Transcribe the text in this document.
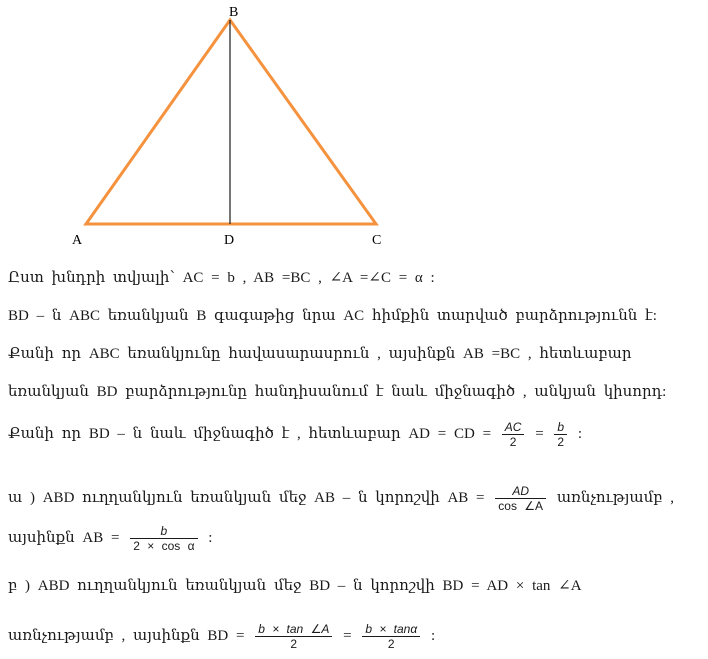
B
A	D	C
Ըստ խնդրի տվյալի՝ AC = b , AB =BC , ∠A =∠C = α :
BD – ն ABC եռանկյան B գագաթից նրա AC հիմքին տարված բարձրությունն է:
Քանի որ ABC եռանկյունը հավասարասրուն , այսինքն AB =BC , հետևաբար
եռանկյան BD բարձրությունը հանդիսանում է նաև միջնագիծ , անկյան կիսորդ:
Քանի որ BD – ն նաև միջնագիծ է , հետևաբար AD = CD = $\frac{AC}{2} = \frac{b}{2}$ :
ա ) ABD ուղղանկյուն եռանկյան մեջ AB – ն կորոշվի AB = $\frac{AD}{\cos \angle A}$ առնչությամբ ,
այսինքն AB = $\frac{b}{\text{2 × cos α}}$ :
բ ) ABD ուղղանկյուն եռանկյան մեջ BD – ն կորոշվի BD = AD × tan ∠A
առնչությամբ , այսինքն BD = $\frac{b \times \tan \angle A}{2} = \frac{b \times \tan\alpha}{2}$ :
